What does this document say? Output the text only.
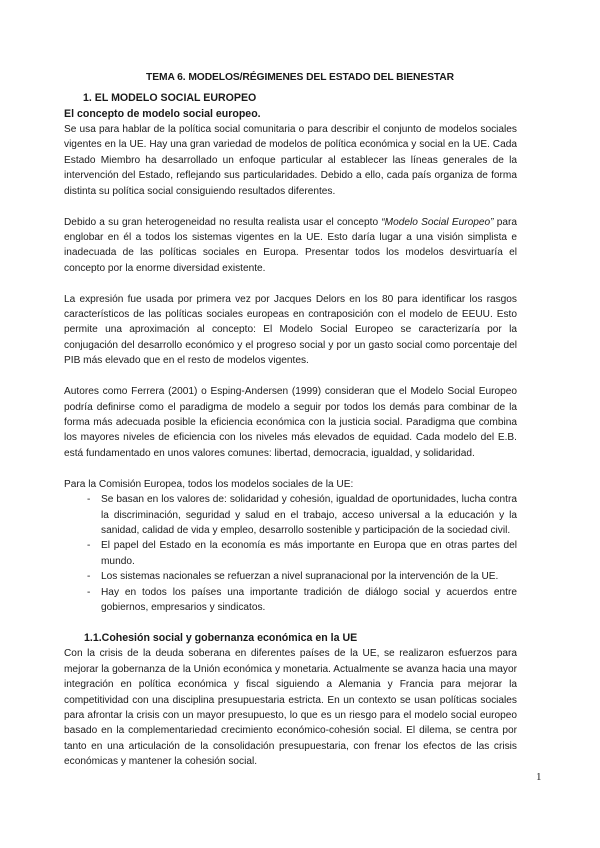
TEMA 6. MODELOS/RÉGIMENES DEL ESTADO DEL BIENESTAR
1. EL MODELO SOCIAL EUROPEO
El concepto de modelo social europeo.

Se usa para hablar de la política social comunitaria o para describir el conjunto de modelos sociales vigentes en la UE. Hay una gran variedad de modelos de política económica y social en la UE. Cada Estado Miembro ha desarrollado un enfoque particular al establecer las líneas generales de la intervención del Estado, reflejando sus particularidades. Debido a ello, cada país organiza de forma distinta su política social consiguiendo resultados diferentes.

Debido a su gran heterogeneidad no resulta realista usar el concepto “Modelo Social Europeo” para englobar en él a todos los sistemas vigentes en la UE. Esto daría lugar a una visión simplista e inadecuada de las políticas sociales en Europa. Presentar todos los modelos desvirtuaría el concepto por la enorme diversidad existente.

La expresión fue usada por primera vez por Jacques Delors en los 80 para identificar los rasgos característicos de las políticas sociales europeas en contraposición con el modelo de EEUU. Esto permite una aproximación al concepto: El Modelo Social Europeo se caracterizaría por la conjugación del desarrollo económico y el progreso social y por un gasto social como porcentaje del PIB más elevado que en el resto de modelos vigentes.

Autores como Ferrera (2001) o Esping-Andersen (1999) consideran que el Modelo Social Europeo podría definirse como el paradigma de modelo a seguir por todos los demás para combinar de la forma más adecuada posible la eficiencia económica con la justicia social. Paradigma que combina los mayores niveles de eficiencia con los niveles más elevados de equidad. Cada modelo del E.B. está fundamentado en unos valores comunes: libertad, democracia, igualdad, y solidaridad.

Para la Comisión Europea, todos los modelos sociales de la UE:

- Se basan en los valores de: solidaridad y cohesión, igualdad de oportunidades, lucha contra la discriminación, seguridad y salud en el trabajo, acceso universal a la educación y la sanidad, calidad de vida y empleo, desarrollo sostenible y participación de la sociedad civil.
- El papel del Estado en la economía es más importante en Europa que en otras partes del mundo.
- Los sistemas nacionales se refuerzan a nivel supranacional por la intervención de la UE.
- Hay en todos los países una importante tradición de diálogo social y acuerdos entre gobiernos, empresarios y sindicatos.
1.1.Cohesión social y gobernanza económica en la UE

Con la crisis de la deuda soberana en diferentes países de la UE, se realizaron esfuerzos para mejorar la gobernanza de la Unión económica y monetaria. Actualmente se avanza hacia una mayor integración en política económica y fiscal siguiendo a Alemania y Francia para mejorar la competitividad con una disciplina presupuestaria estricta. En un contexto se usan políticas sociales para afrontar la crisis con un mayor presupuesto, lo que es un riesgo para el modelo social europeo basado en la complementariedad crecimiento económico-cohesión social. El dilema, se centra por tanto en una articulación de la consolidación presupuestaria, con frenar los efectos de las crisis económicas y mantener la cohesión social.

1
